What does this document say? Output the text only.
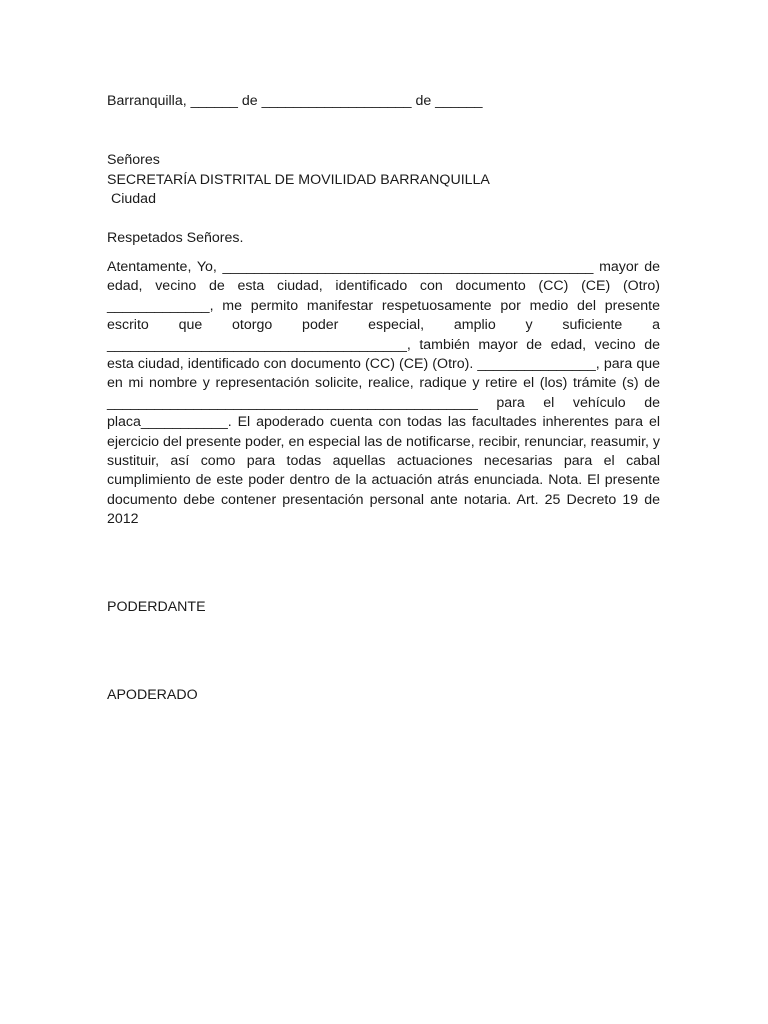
Barranquilla, ______ de ___________________ de ______
Señores
SECRETARÍA DISTRITAL DE MOVILIDAD BARRANQUILLA
Ciudad
Respetados Señores.

Atentamente, Yo, _______________________________________________ mayor de edad, vecino de esta ciudad, identificado con documento (CC) (CE) (Otro) _____________, me permito manifestar respetuosamente por medio del presente escrito que otorgo poder especial, amplio y suficiente a ______________________________________, también mayor de edad, vecino de esta ciudad, identificado con documento (CC) (CE) (Otro). _______________, para que en mi nombre y representación solicite, realice, radique y retire el (los) trámite (s) de _______________________________________________ para el vehículo de placa___________. El apoderado cuenta con todas las facultades inherentes para el ejercicio del presente poder, en especial las de notificarse, recibir, renunciar, reasumir, y sustituir, así como para todas aquellas actuaciones necesarias para el cabal cumplimiento de este poder dentro de la actuación atrás enunciada. Nota. El presente documento debe contener presentación personal ante notaria. Art. 25 Decreto 19 de 2012

PODERDANTE
APODERADO
